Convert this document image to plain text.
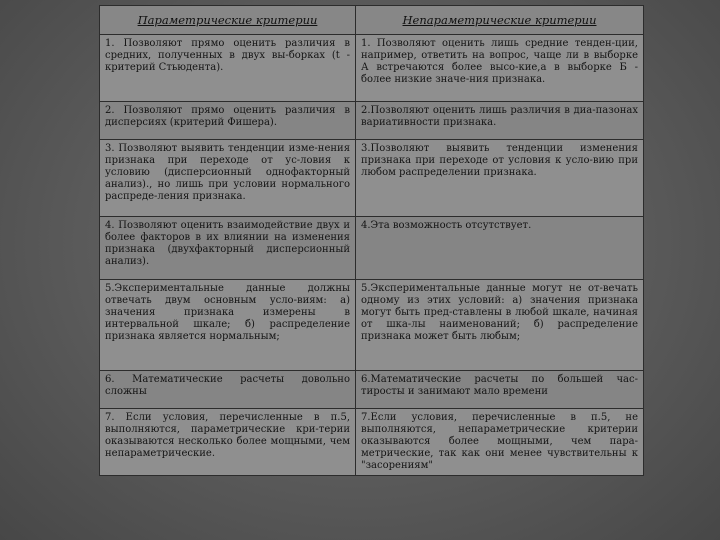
Параметрические критерии	Непараметрические критерии
1. Позволяют прямо оценить различия в средних, полученных в двух вы-борках (t - критерий Стьюдента).	1. Позволяют оценить лишь средние тенден-ции, например, ответить на вопрос, чаще ли в выборке А встречаются более высо-кие,а в выборке Б - более низкие значе-ния признака.
2. Позволяют прямо оценить различия в дисперсиях (критерий Фишера).	2.Позволяют оценить лишь различия в диа-пазонах вариативности признака.
3. Позволяют выявить тенденции изме-нения признака при переходе от ус-ловия к условию (дисперсионный однофакторный анализ)., но лишь при условии нормального распреде-ления признака.	3.Позволяют выявить тенденции изменения признака при переходе от условия к усло-вию при любом распределении признака.
4. Позволяют оценить взаимодействие двух и более факторов в их влиянии на изменения признака (двухфакторный дисперсионный анализ).	4.Эта возможность отсутствует.
5.Экспериментальные данные должны отвечать двум основным усло-виям: а) значения признака измерены в интервальной шкале; б) распределение признака является нормальным;	5.Экспериментальные данные могут не от-вечать одному из этих условий: а) значения признака могут быть пред-ставлены в любой шкале, начиная от шка-лы наименований; б) распределение признака может быть любым;
6. Математические расчеты довольно сложны	6.Математические расчеты по большей час-тиросты и занимают мало времени
7. Если условия, перечисленные в п.5, выполняются, параметрические кри-терии оказываются несколько более мощными, чем непараметрические.	7.Если условия, перечисленные в п.5, не выполняются, непараметрические критерии оказываются более мощными, чем пара-метрические, так как они менее чувствительны к "засорениям"
